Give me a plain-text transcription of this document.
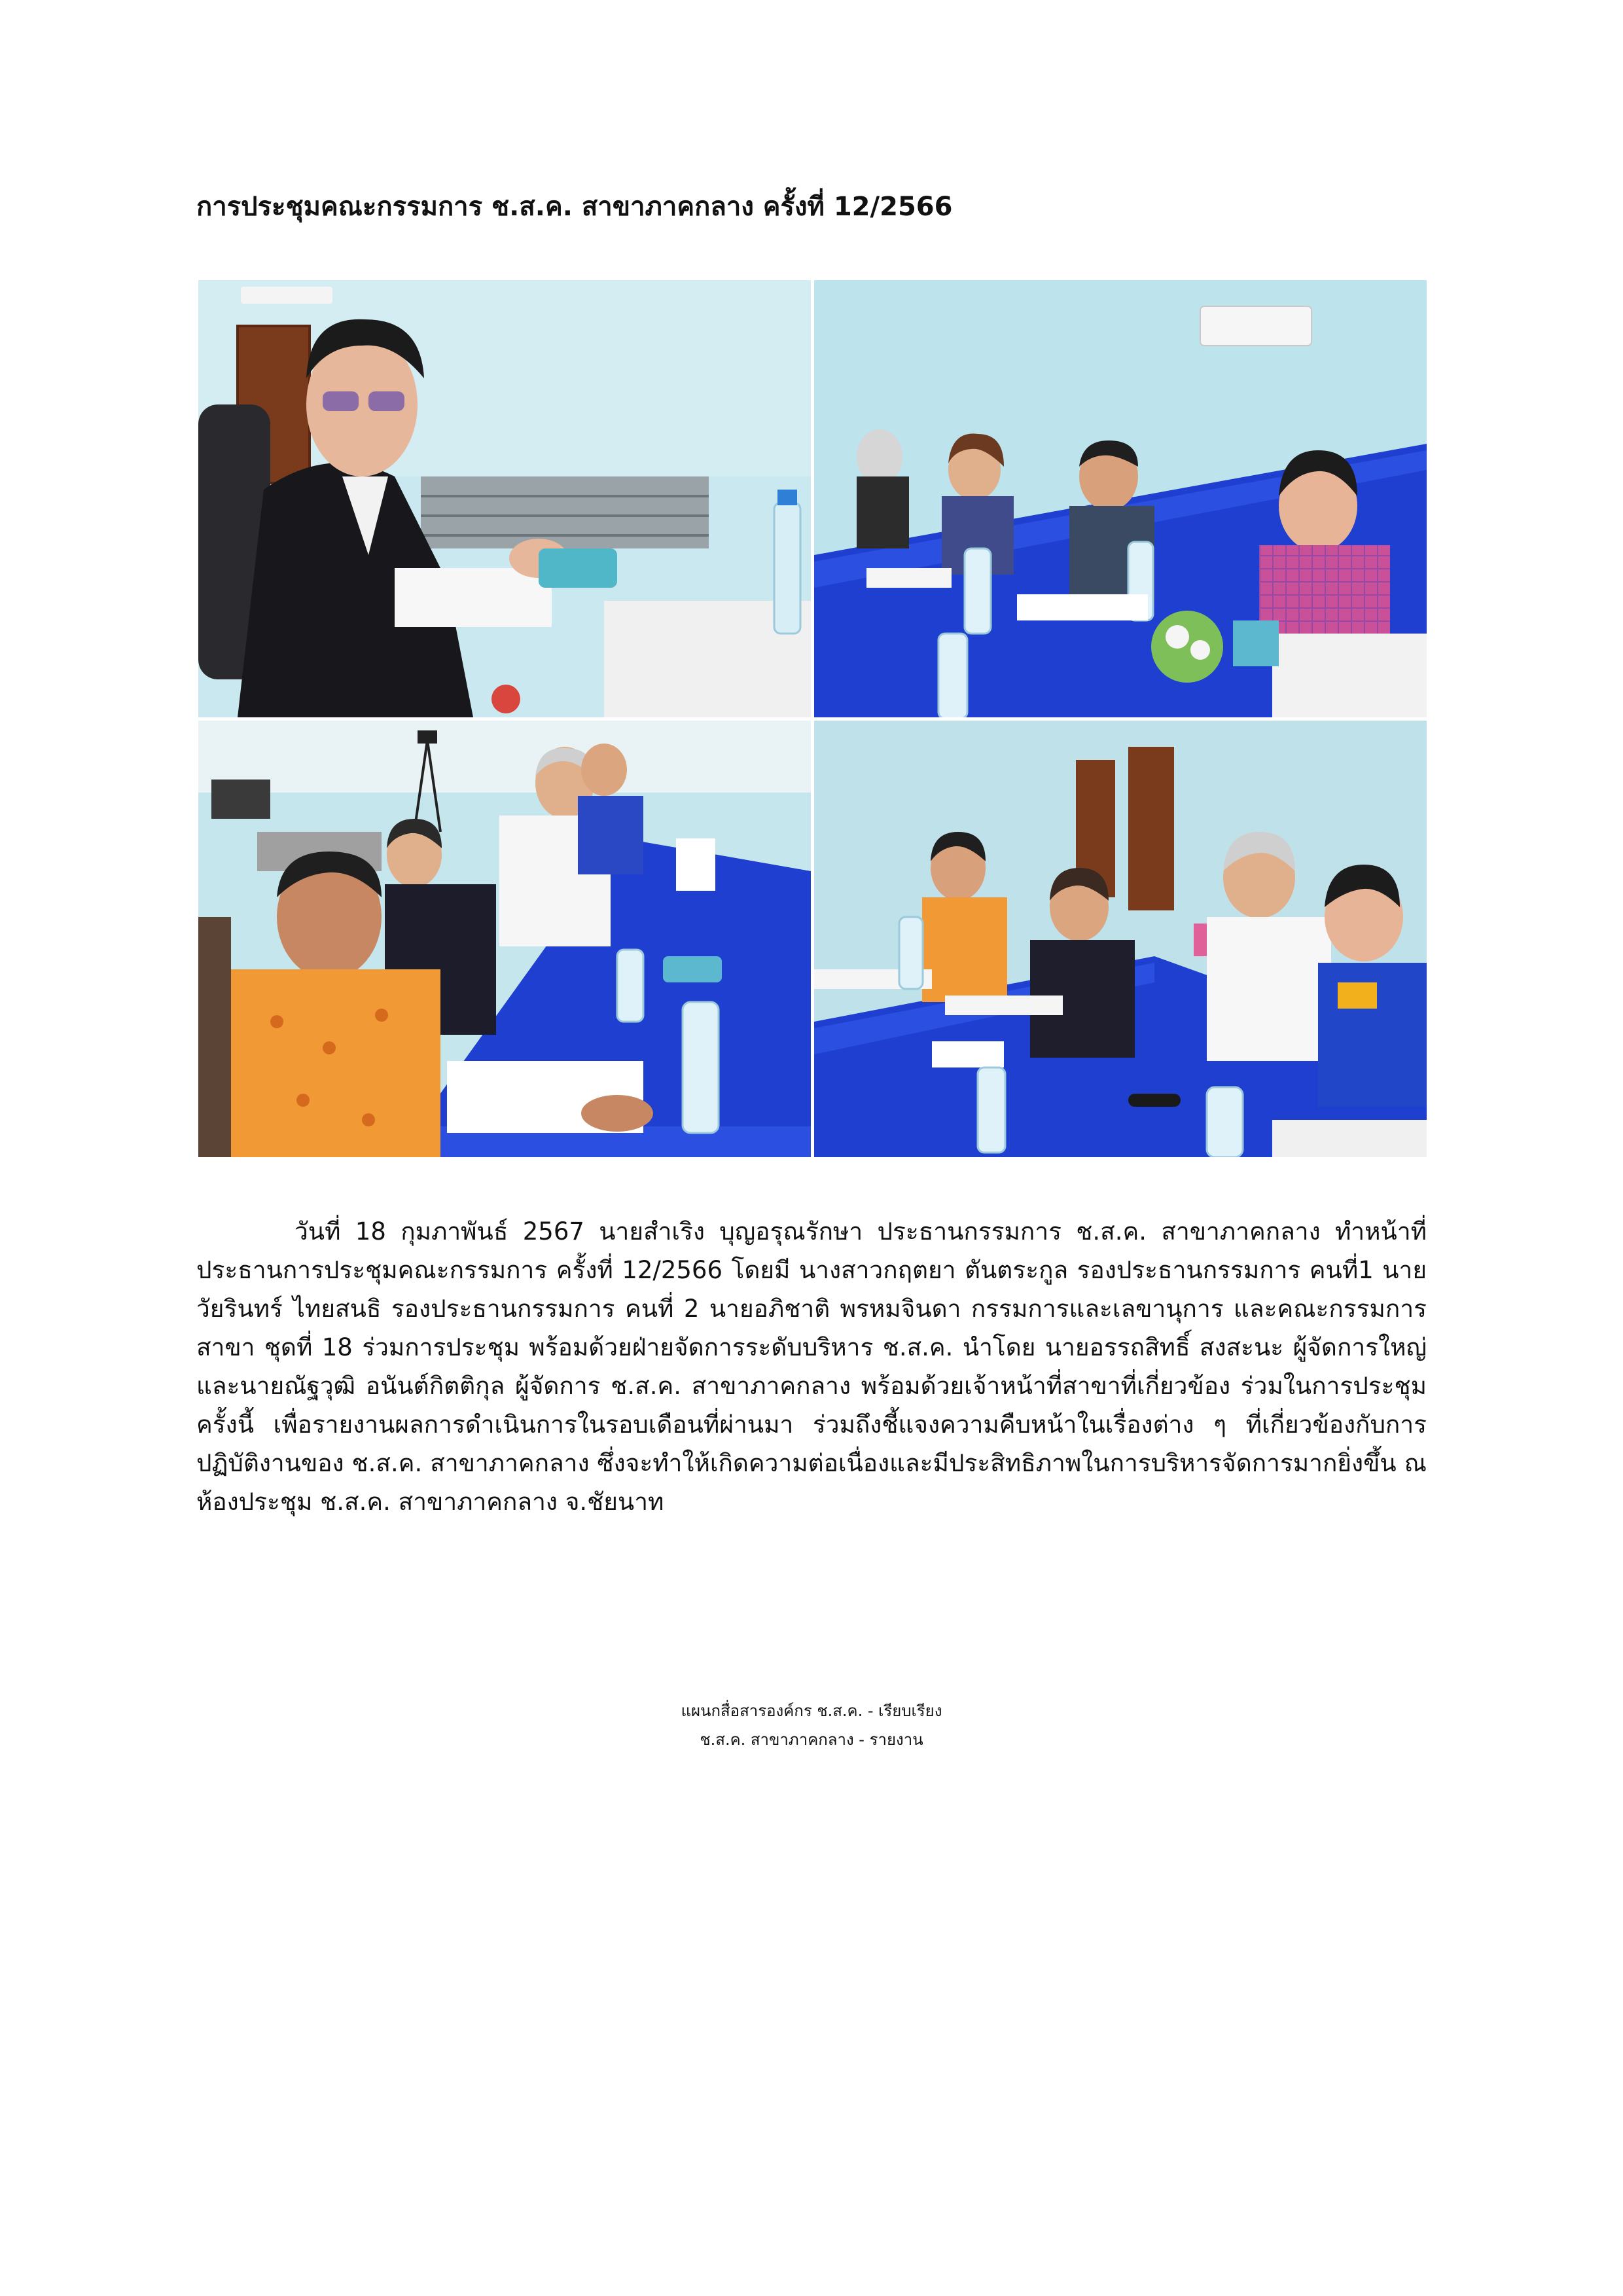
การประชุมคณะกรรมการ ช.ส.ค. สาขาภาคกลาง ครั้งที่ 12/2566

วันที่ 18 กุมภาพันธ์ 2567 นายสำเริง บุญอรุณรักษา ประธานกรรมการ ช.ส.ค. สาขาภาคกลาง ทำหน้าที่ประธานการประชุมคณะกรรมการ ครั้งที่ 12/2566 โดยมี นางสาวกฤตยา ตันตระกูล รองประธานกรรมการ คนที่1 นายวัยรินทร์ ไทยสนธิ รองประธานกรรมการ คนที่ 2 นายอภิชาติ พรหมจินดา กรรมการและเลขานุการ และคณะกรรมการสาขา ชุดที่ 18 ร่วมการประชุม พร้อมด้วยฝ่ายจัดการระดับบริหาร ช.ส.ค. นำโดย นายอรรถสิทธิ์ สงสะนะ ผู้จัดการใหญ่ และนายณัฐวุฒิ อนันต์กิตติกุล ผู้จัดการ ช.ส.ค. สาขาภาคกลาง พร้อมด้วยเจ้าหน้าที่สาขาที่เกี่ยวข้อง ร่วมในการประชุมครั้งนี้ เพื่อรายงานผลการดำเนินการในรอบเดือนที่ผ่านมา ร่วมถึงชี้แจงความคืบหน้าในเรื่องต่าง ๆ ที่เกี่ยวข้องกับการปฏิบัติงานของ ช.ส.ค. สาขาภาคกลาง ซึ่งจะทำให้เกิดความต่อเนื่องและมีประสิทธิภาพในการบริหารจัดการมากยิ่งขึ้น ณ ห้องประชุม ช.ส.ค. สาขาภาคกลาง จ.ชัยนาท

แผนกสื่อสารองค์กร ช.ส.ค. - เรียบเรียง
ช.ส.ค. สาขาภาคกลาง - รายงาน
